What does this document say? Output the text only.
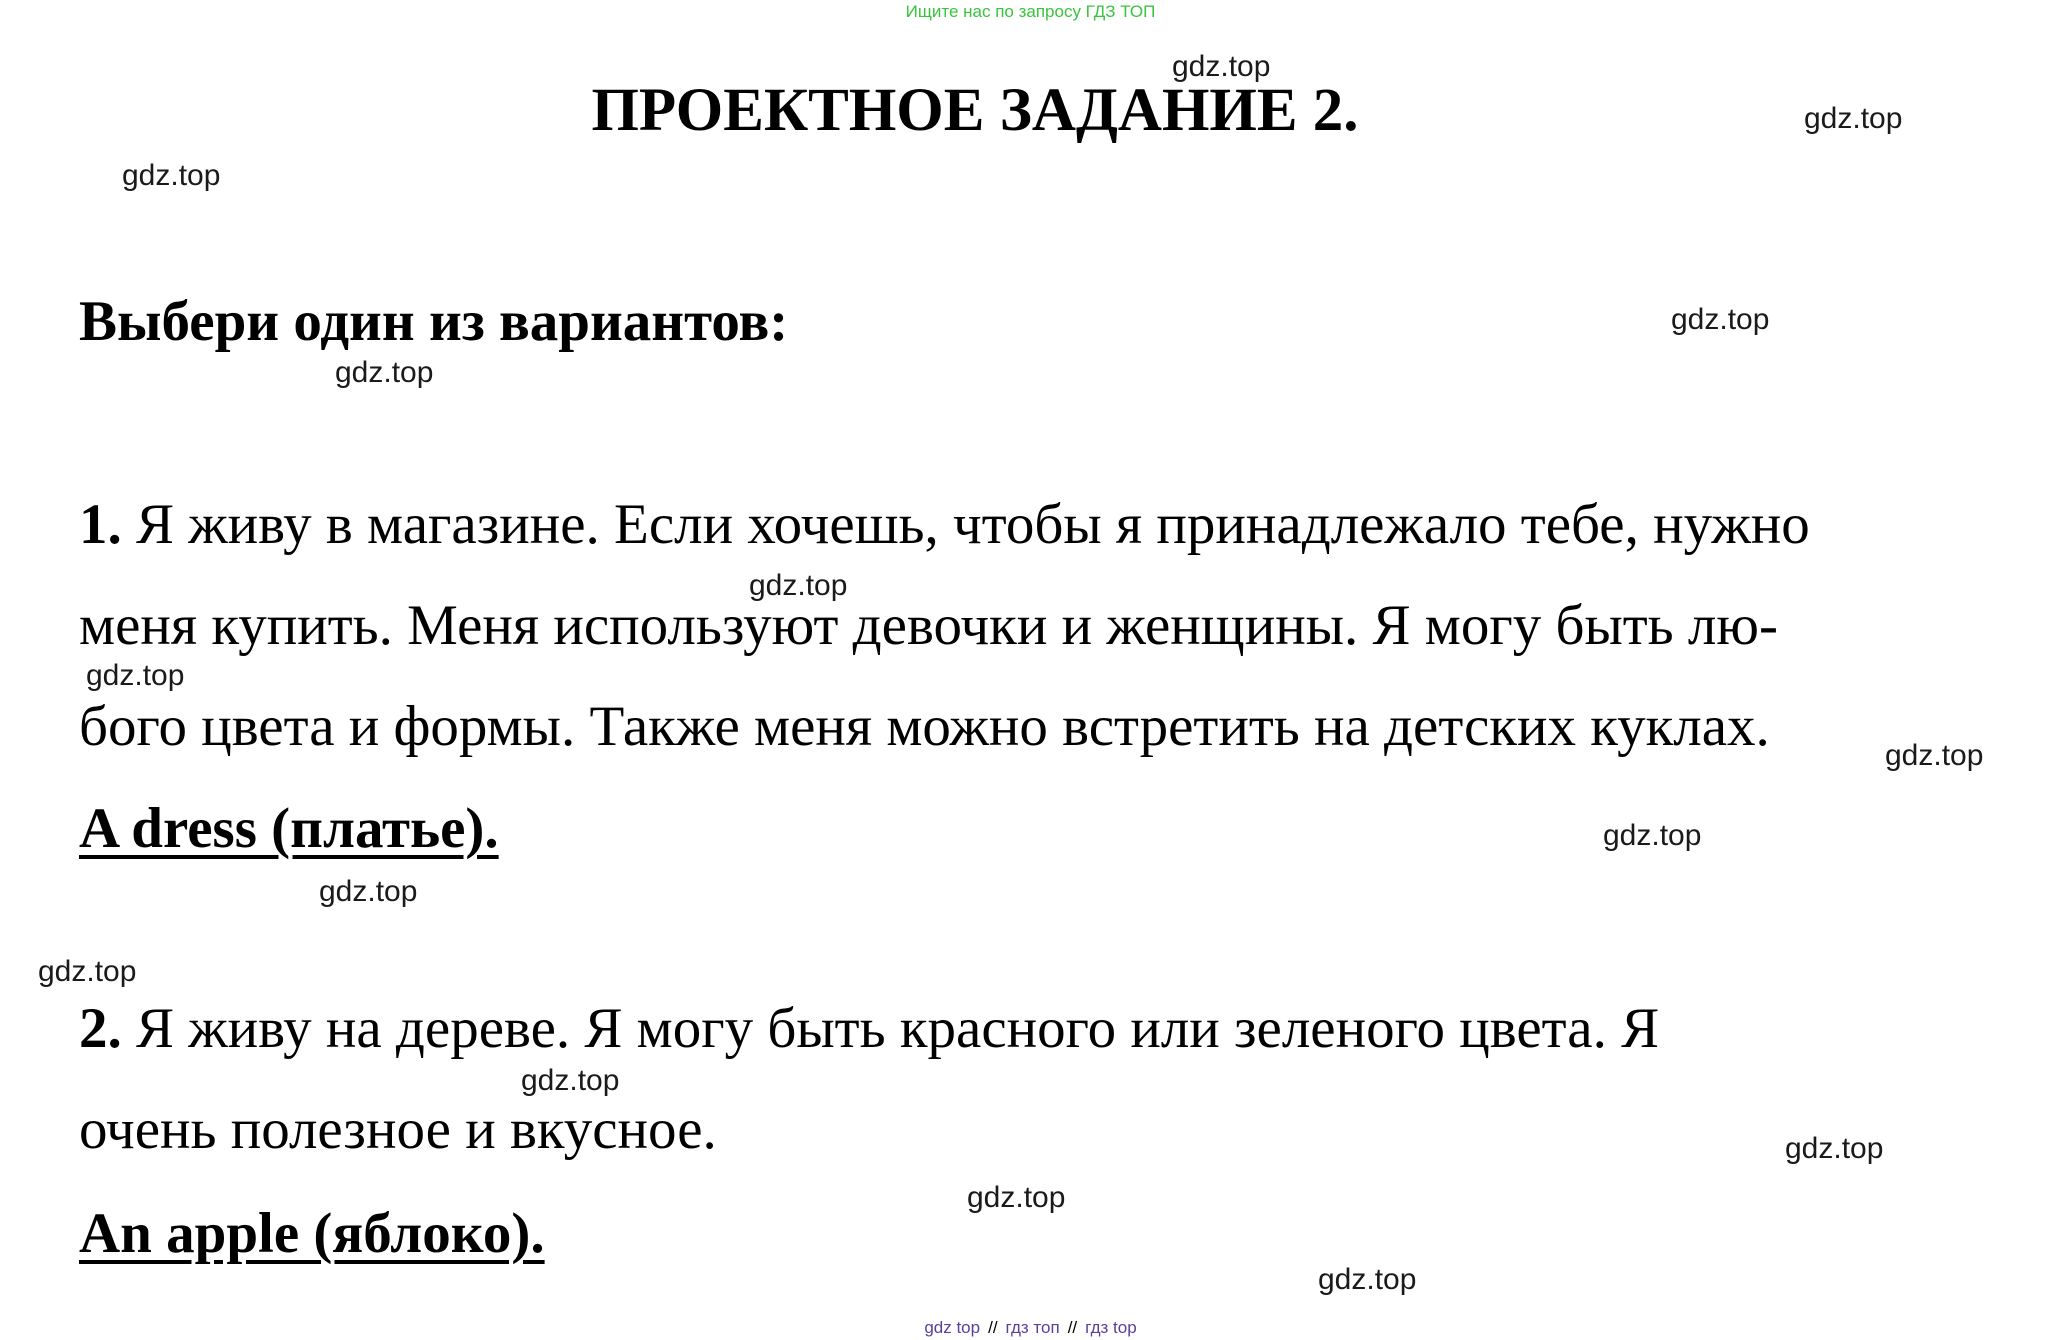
Ищите нас по запросу ГДЗ ТОП
ПРОЕКТНОЕ ЗАДАНИЕ 2.
Выбери один из вариантов:
1. Я живу в магазине. Если хочешь, чтобы я принадлежало тебе, нужно
меня купить. Меня используют девочки и женщины. Я могу быть лю-
бого цвета и формы. Также меня можно встретить на детских куклах.
A dress (платье).
2. Я живу на дереве. Я могу быть красного или зеленого цвета. Я
очень полезное и вкусное.
An apple (яблоко).
gdz.top
gdz.top
gdz.top
gdz.top
gdz.top
gdz.top
gdz.top
gdz.top
gdz.top
gdz.top
gdz.top
gdz.top
gdz.top
gdz.top
gdz.top
gdz top // гдз топ // гдз top
